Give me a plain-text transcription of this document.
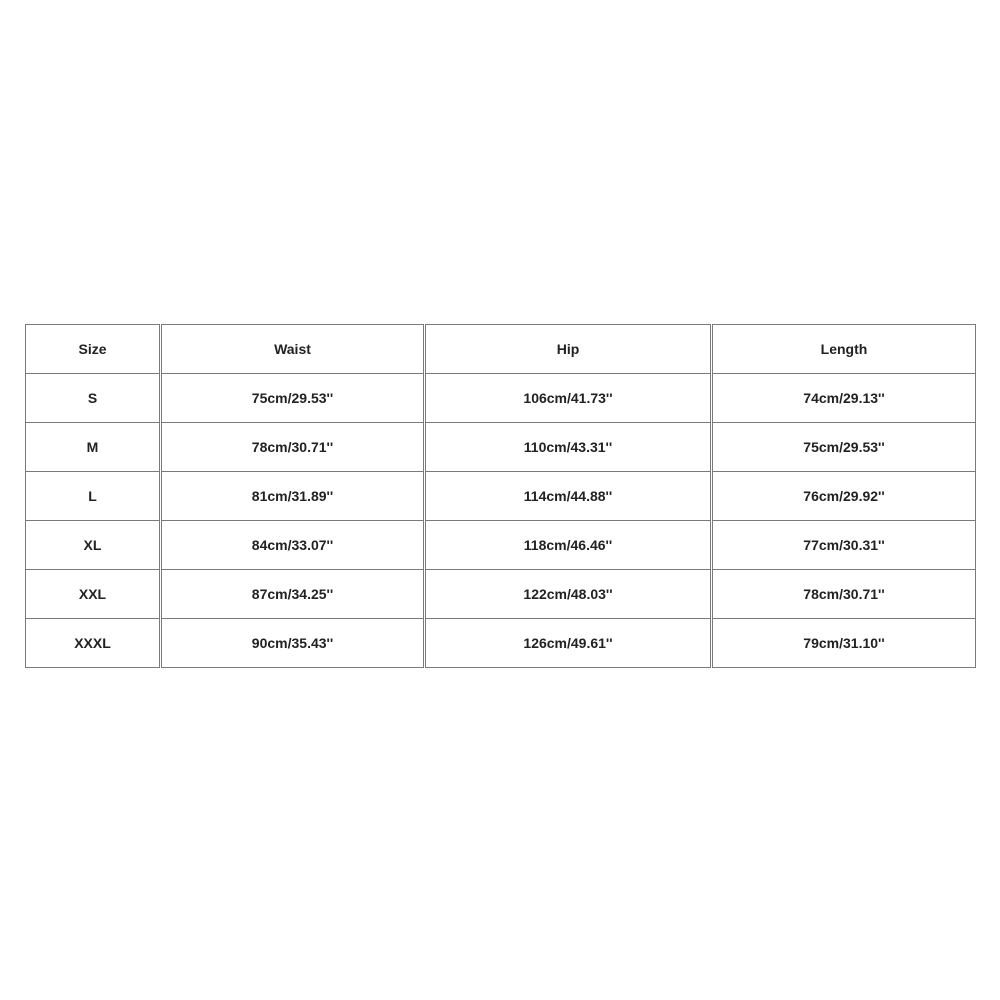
Size	Waist	Hip	Length
S	75cm/29.53''	106cm/41.73''	74cm/29.13''
M	78cm/30.71''	110cm/43.31''	75cm/29.53''
L	81cm/31.89''	114cm/44.88''	76cm/29.92''
XL	84cm/33.07''	118cm/46.46''	77cm/30.31''
XXL	87cm/34.25''	122cm/48.03''	78cm/30.71''
XXXL	90cm/35.43''	126cm/49.61''	79cm/31.10''
